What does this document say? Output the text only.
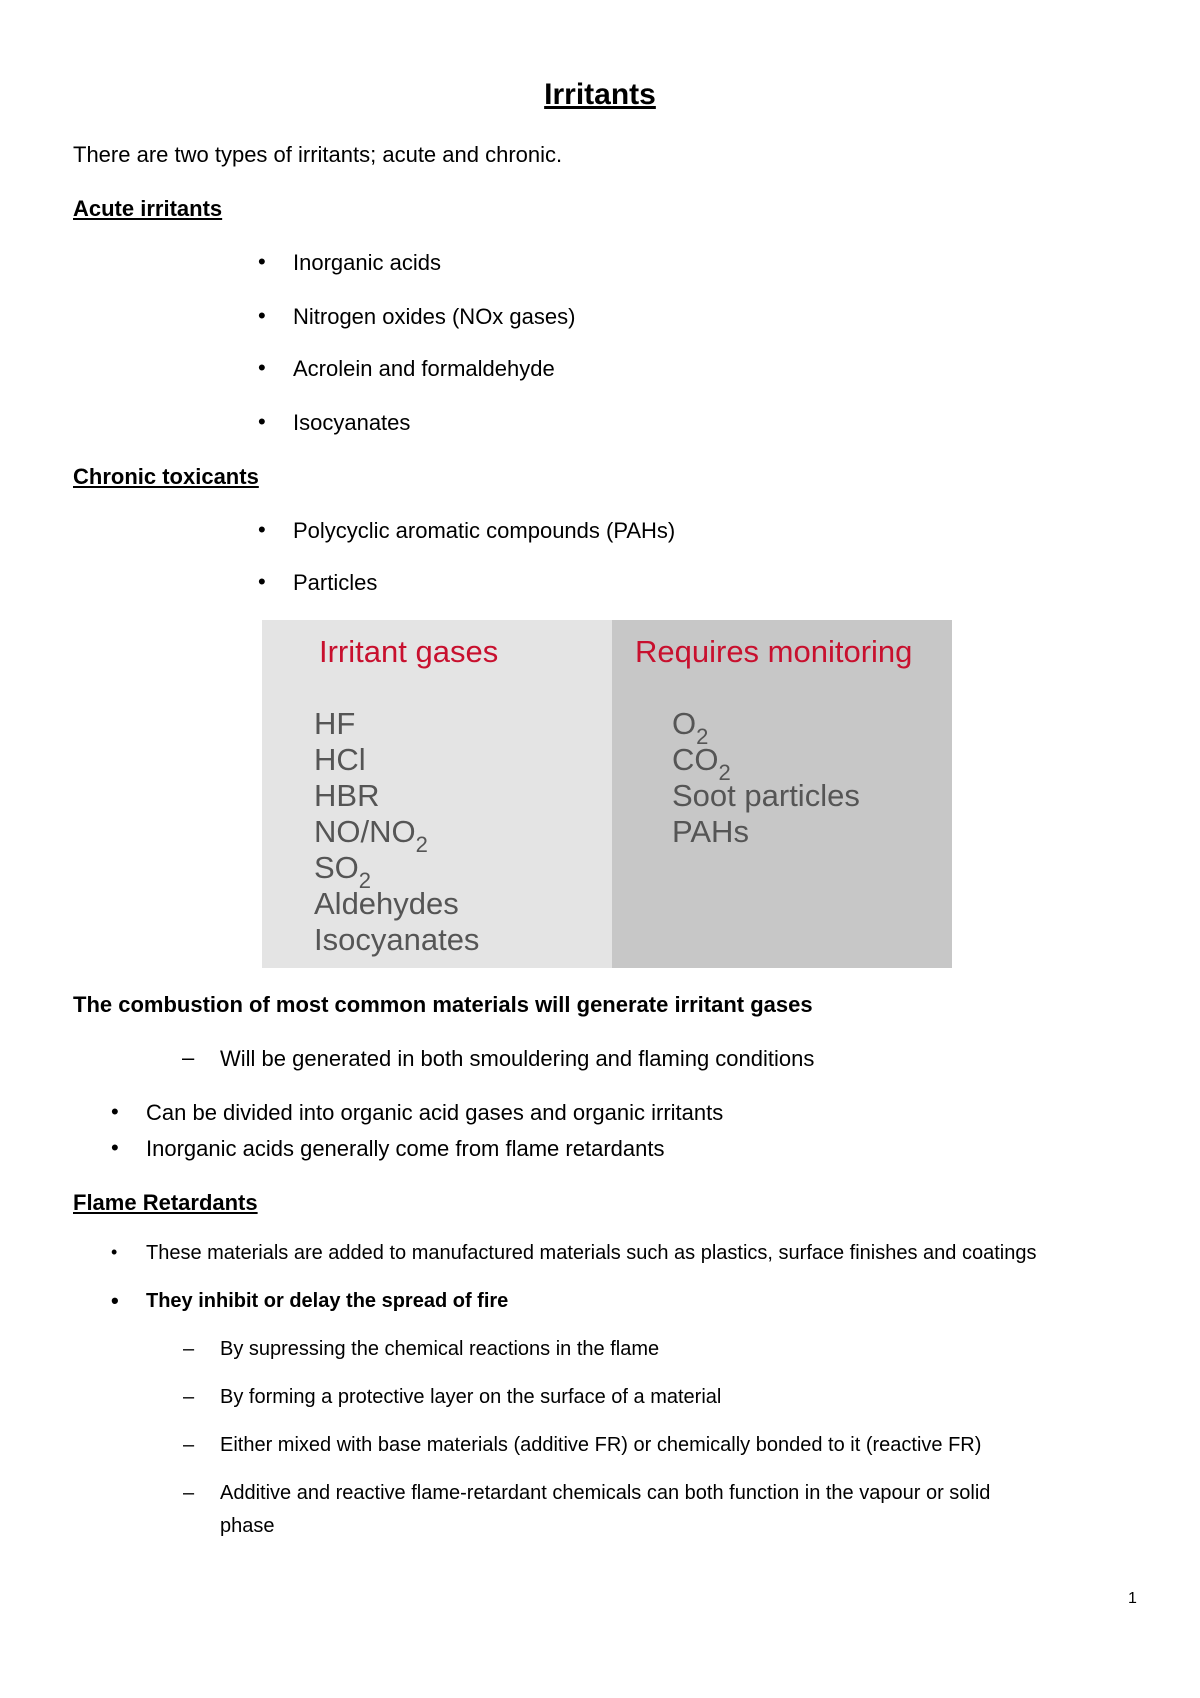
Irritants
There are two types of irritants; acute and chronic.
Acute irritants
• Inorganic acids
• Nitrogen oxides (NOx gases)
• Acrolein and formaldehyde
• Isocyanates
Chronic toxicants
• Polycyclic aromatic compounds (PAHs)
• Particles
Irritant gases
HF
HCl
HBR
$NO/NO_2$
$SO_2$
Aldehydes
Isocyanates
Requires monitoring
$O_2$
$CO_2$
Soot particles
PAHs
The combustion of most common materials will generate irritant gases
– Will be generated in both smouldering and flaming conditions
• Can be divided into organic acid gases and organic irritants
• Inorganic acids generally come from flame retardants
Flame Retardants
• These materials are added to manufactured materials such as plastics, surface finishes and coatings
• They inhibit or delay the spread of fire
– By supressing the chemical reactions in the flame
– By forming a protective layer on the surface of a material
– Either mixed with base materials (additive FR) or chemically bonded to it (reactive FR)
– Additive and reactive flame-retardant chemicals can both function in the vapour or solid
phase
1
